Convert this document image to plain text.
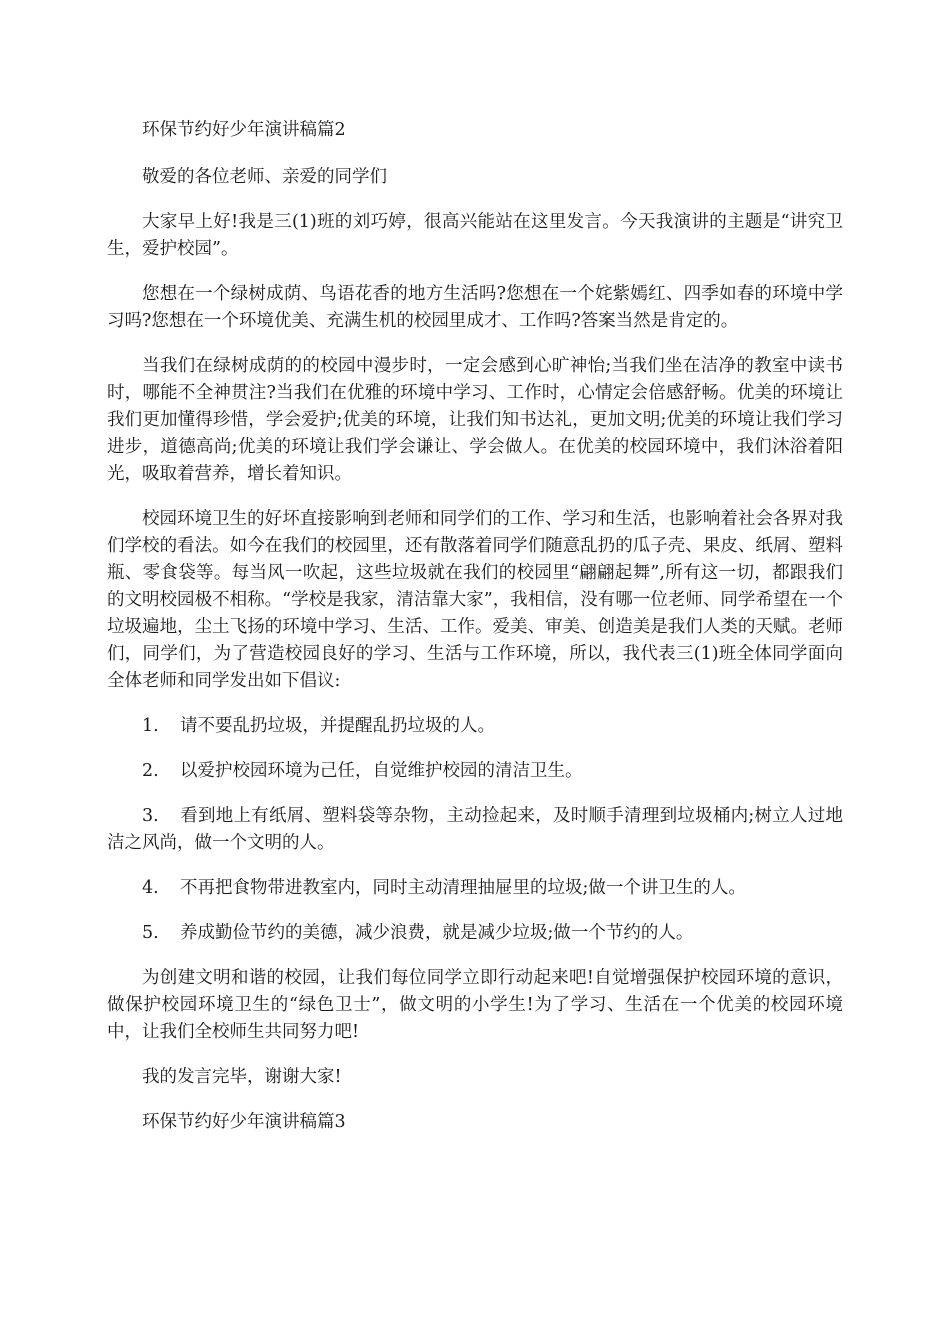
环保节约好少年演讲稿篇2

敬爱的各位老师、亲爱的同学们

大家早上好!我是三(1)班的刘巧婷，很高兴能站在这里发言。今天我演讲的主题是“讲究卫生，爱护校园”。

您想在一个绿树成荫、鸟语花香的地方生活吗?您想在一个姹紫嫣红、四季如春的环境中学习吗?您想在一个环境优美、充满生机的校园里成才、工作吗?答案当然是肯定的。

当我们在绿树成荫的的校园中漫步时，一定会感到心旷神怡;当我们坐在洁净的教室中读书时，哪能不全神贯注?当我们在优雅的环境中学习、工作时，心情定会倍感舒畅。优美的环境让我们更加懂得珍惜，学会爱护;优美的环境，让我们知书达礼，更加文明;优美的环境让我们学习进步，道德高尚;优美的环境让我们学会谦让、学会做人。在优美的校园环境中，我们沐浴着阳光，吸取着营养，增长着知识。

校园环境卫生的好坏直接影响到老师和同学们的工作、学习和生活，也影响着社会各界对我们学校的看法。如今在我们的校园里，还有散落着同学们随意乱扔的瓜子壳、果皮、纸屑、塑料瓶、零食袋等。每当风一吹起，这些垃圾就在我们的校园里“翩翩起舞”,所有这一切，都跟我们的文明校园极不相称。“学校是我家，清洁靠大家”，我相信，没有哪一位老师、同学希望在一个垃圾遍地，尘土飞扬的环境中学习、生活、工作。爱美、审美、创造美是我们人类的天赋。老师们，同学们，为了营造校园良好的学习、生活与工作环境，所以，我代表三(1)班全体同学面向全体老师和同学发出如下倡议:

1. 请不要乱扔垃圾，并提醒乱扔垃圾的人。
2. 以爱护校园环境为己任，自觉维护校园的清洁卫生。
3. 看到地上有纸屑、塑料袋等杂物，主动捡起来，及时顺手清理到垃圾桶内;树立人过地洁之风尚，做一个文明的人。
4. 不再把食物带进教室内，同时主动清理抽屉里的垃圾;做一个讲卫生的人。
5. 养成勤俭节约的美德，减少浪费，就是减少垃圾;做一个节约的人。

为创建文明和谐的校园，让我们每位同学立即行动起来吧!自觉增强保护校园环境的意识，做保护校园环境卫生的“绿色卫士”，做文明的小学生!为了学习、生活在一个优美的校园环境中，让我们全校师生共同努力吧!

我的发言完毕，谢谢大家!

环保节约好少年演讲稿篇3
